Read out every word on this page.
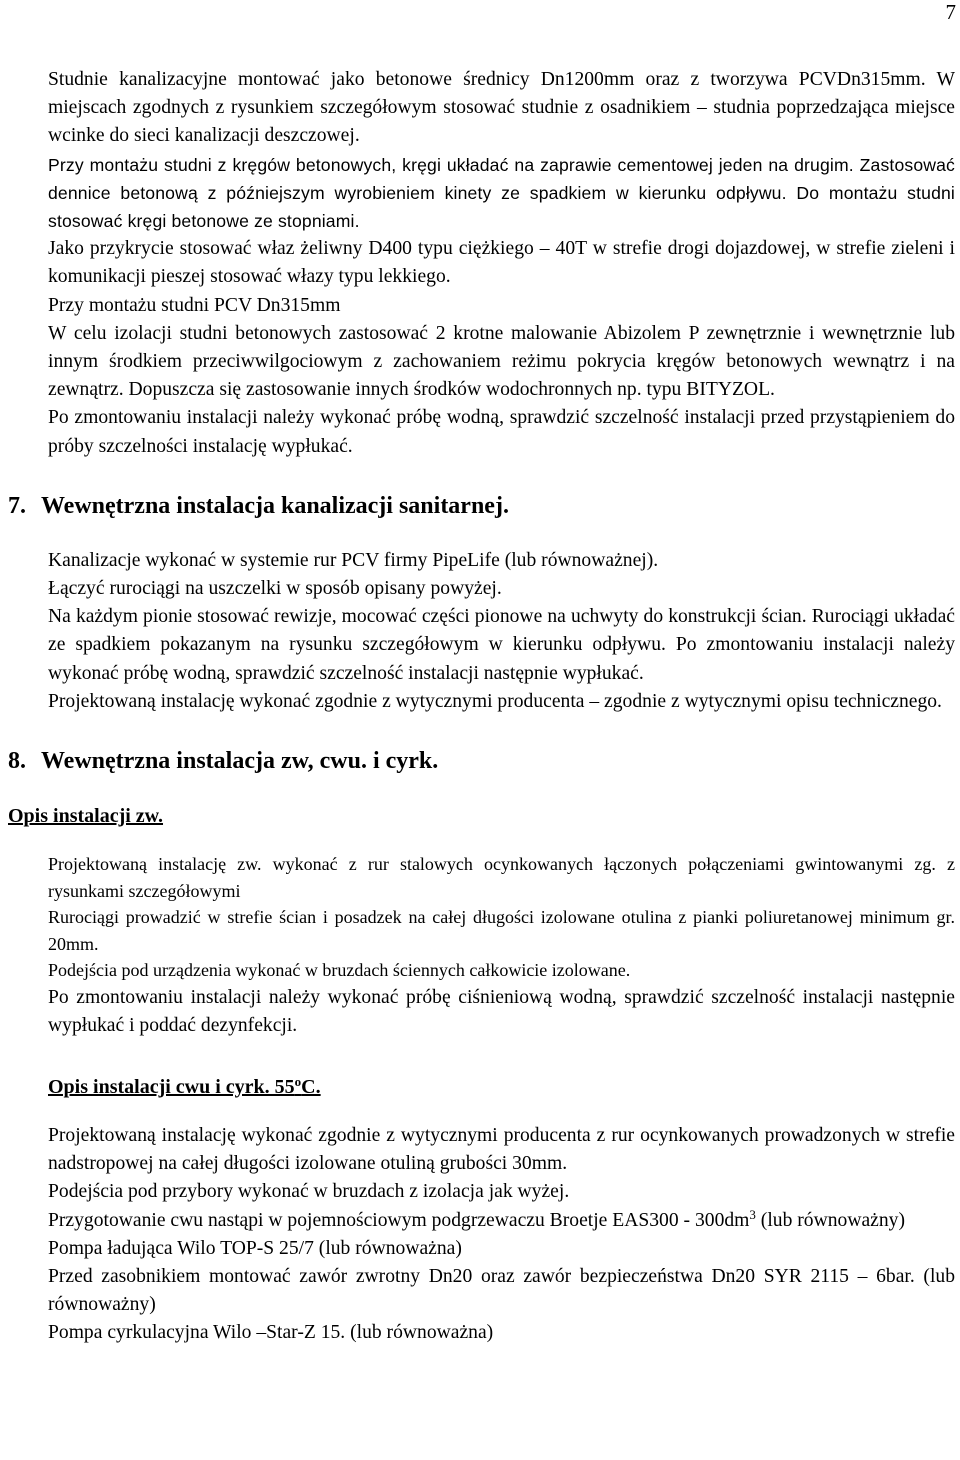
7

Studnie kanalizacyjne montować jako betonowe średnicy Dn1200mm oraz z tworzywa PCVDn315mm. W miejscach zgodnych z rysunkiem szczegółowym stosować studnie z osadnikiem – studnia poprzedzająca miejsce wcinke do sieci kanalizacji deszczowej.

Przy montażu studni z kręgów betonowych, kręgi układać na zaprawie cementowej jeden na drugim. Zastosować dennice betonową z późniejszym wyrobieniem kinety ze spadkiem w kierunku odpływu. Do montażu studni stosować kręgi betonowe ze stopniami.

Jako przykrycie stosować właz żeliwny D400 typu ciężkiego – 40T w strefie drogi dojazdowej, w strefie zieleni i komunikacji pieszej stosować włazy typu lekkiego.

Przy montażu studni PCV Dn315mm

W celu izolacji studni betonowych zastosować 2 krotne malowanie Abizolem P zewnętrznie i wewnętrznie lub innym środkiem przeciwwilgociowym z zachowaniem reżimu pokrycia kręgów betonowych wewnątrz i na zewnątrz. Dopuszcza się zastosowanie innych środków wodochronnych np. typu BITYZOL.

Po zmontowaniu instalacji należy wykonać próbę wodną, sprawdzić szczelność instalacji przed przystąpieniem do próby szczelności instalację wypłukać.

7. Wewnętrzna instalacja kanalizacji sanitarnej.

Kanalizacje wykonać w systemie rur PCV firmy PipeLife (lub równoważnej).

Łączyć rurociągi na uszczelki w sposób opisany powyżej.

Na każdym pionie stosować rewizje, mocować części pionowe na uchwyty do konstrukcji ścian. Rurociągi układać ze spadkiem pokazanym na rysunku szczegółowym w kierunku odpływu. Po zmontowaniu instalacji należy wykonać próbę wodną, sprawdzić szczelność instalacji następnie wypłukać.

Projektowaną instalację wykonać zgodnie z wytycznymi producenta – zgodnie z wytycznymi opisu technicznego.

8. Wewnętrzna instalacja zw, cwu. i cyrk.
Opis instalacji zw.

Projektowaną instalację zw. wykonać z rur stalowych ocynkowanych łączonych połączeniami gwintowanymi zg. z rysunkami szczegółowymi

Rurociągi prowadzić w strefie ścian i posadzek na całej długości izolowane otulina z pianki poliuretanowej minimum gr. 20mm.

Podejścia pod urządzenia wykonać w bruzdach ściennych całkowicie izolowane.

Po zmontowaniu instalacji należy wykonać próbę ciśnieniową wodną, sprawdzić szczelność instalacji następnie wypłukać i poddać dezynfekcji.

Opis instalacji cwu i cyrk. 55$^o$C.

Projektowaną instalację wykonać zgodnie z wytycznymi producenta z rur ocynkowanych prowadzonych w strefie nadstropowej na całej długości izolowane otuliną grubości 30mm.

Podejścia pod przybory wykonać w bruzdach z izolacja jak wyżej.

Przygotowanie cwu nastąpi w pojemnościowym podgrzewaczu Broetje $EAS300 - 300dm^3$ (lub równoważny)

Pompa ładująca Wilo TOP-S 25/7 (lub równoważna)

Przed zasobnikiem montować zawór zwrotny Dn20 oraz zawór bezpieczeństwa Dn20 SYR 2115 – 6bar. (lub równoważny)

Pompa cyrkulacyjna Wilo –Star-Z 15. (lub równoważna)
